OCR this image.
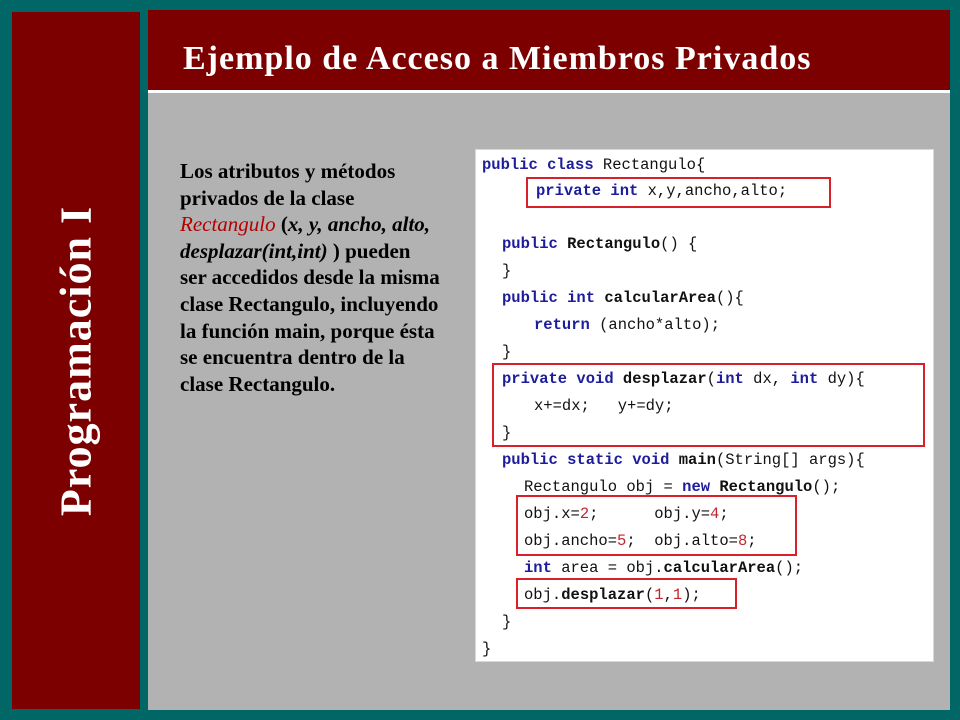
Programación I
Ejemplo de Acceso a Miembros Privados
Los atributos y métodos privados de la clase Rectangulo (x, y, ancho, alto, desplazar(int,int) ) pueden ser accedidos desde la misma clase Rectangulo, incluyendo la función main, porque ésta se encuentra dentro de la clase Rectangulo.
public class Rectangulo{
private int x,y,ancho,alto;
public Rectangulo() {
}
public int calcularArea(){
return (ancho*alto);
}
private void desplazar(int dx, int dy){
x+=dx;   y+=dy;
}
public static void main(String[] args){
Rectangulo obj = new Rectangulo();
obj.x=2;      obj.y=4;
obj.ancho=5;  obj.alto=8;
int area = obj.calcularArea();
obj.desplazar(1,1);
}
}
